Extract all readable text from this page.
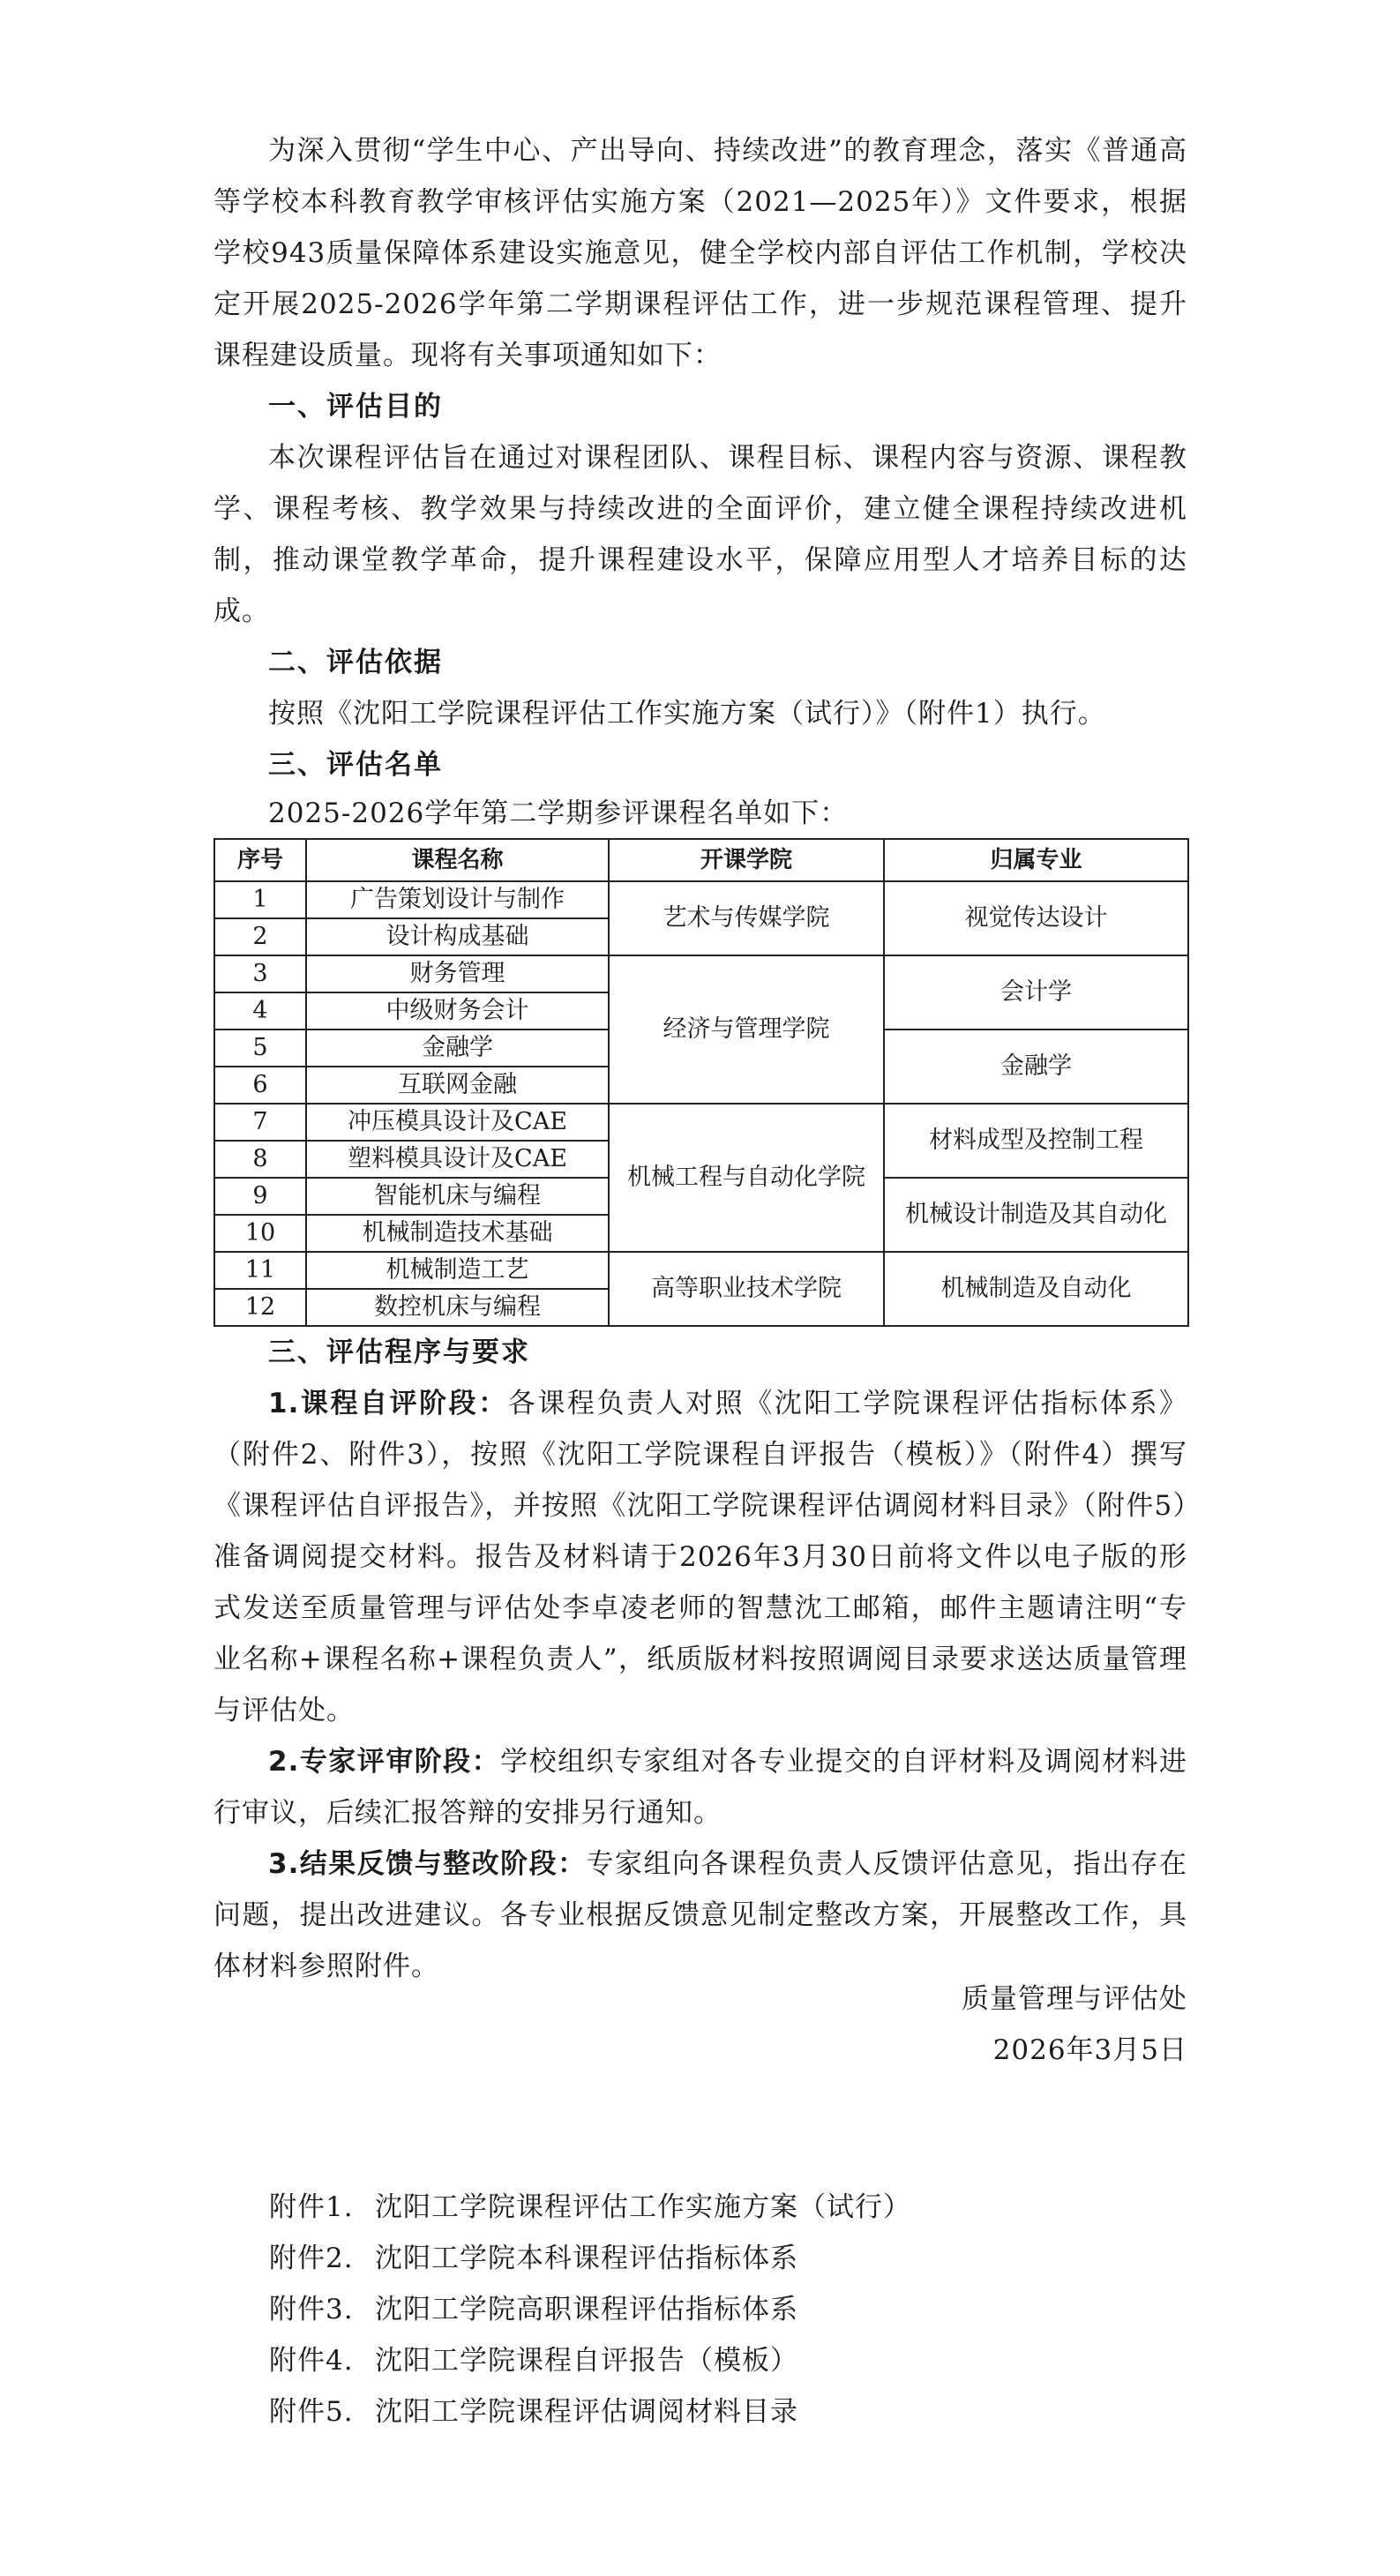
为深入贯彻“学生中心、产出导向、持续改进”的教育理念，落实《普通高等学校本科教育教学审核评估实施方案（2021—2025年）》文件要求，根据学校943质量保障体系建设实施意见，健全学校内部自评估工作机制，学校决定开展2025-2026学年第二学期课程评估工作，进一步规范课程管理、提升课程建设质量。现将有关事项通知如下：

一、评估目的

本次课程评估旨在通过对课程团队、课程目标、课程内容与资源、课程教学、课程考核、教学效果与持续改进的全面评价，建立健全课程持续改进机制，推动课堂教学革命，提升课程建设水平，保障应用型人才培养目标的达成。

二、评估依据

按照《沈阳工学院课程评估工作实施方案（试行）》（附件1）执行。

三、评估名单

2025-2026学年第二学期参评课程名单如下：

序号	课程名称	开课学院	归属专业
1	广告策划设计与制作	艺术与传媒学院	视觉传达设计
2	设计构成基础		
3	财务管理	经济与管理学院	会计学
4	中级财务会计		
5	金融学		金融学
6	互联网金融		
7	冲压模具设计及CAE	机械工程与自动化学院	材料成型及控制工程
8	塑料模具设计及CAE		
9	智能机床与编程		机械设计制造及其自动化
10	机械制造技术基础		
11	机械制造工艺	高等职业技术学院	机械制造及自动化
12	数控机床与编程		

三、评估程序与要求

1.课程自评阶段：各课程负责人对照《沈阳工学院课程评估指标体系》（附件2、附件3），按照《沈阳工学院课程自评报告（模板）》（附件4）撰写《课程评估自评报告》，并按照《沈阳工学院课程评估调阅材料目录》（附件5）准备调阅提交材料。报告及材料请于2026年3月30日前将文件以电子版的形式发送至质量管理与评估处李卓凌老师的智慧沈工邮箱，邮件主题请注明“专业名称+课程名称+课程负责人”，纸质版材料按照调阅目录要求送达质量管理与评估处。

2.专家评审阶段：学校组织专家组对各专业提交的自评材料及调阅材料进行审议，后续汇报答辩的安排另行通知。

3.结果反馈与整改阶段：专家组向各课程负责人反馈评估意见，指出存在问题，提出改进建议。各专业根据反馈意见制定整改方案，开展整改工作，具体材料参照附件。

质量管理与评估处
2026年3月5日
附件1. 沈阳工学院课程评估工作实施方案（试行）
附件2. 沈阳工学院本科课程评估指标体系
附件3. 沈阳工学院高职课程评估指标体系
附件4. 沈阳工学院课程自评报告（模板）
附件5. 沈阳工学院课程评估调阅材料目录
